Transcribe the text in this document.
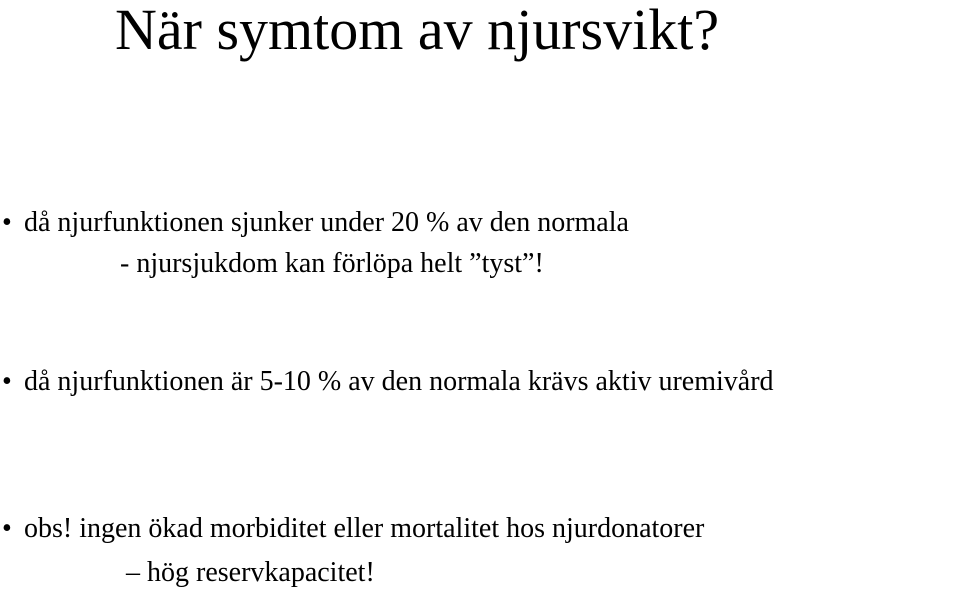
När symtom av njursvikt?
• då njurfunktionen sjunker under 20 % av den normala
- njursjukdom kan förlöpa helt ”tyst”!
• då njurfunktionen är 5-10 % av den normala krävs aktiv uremivård
• obs! ingen ökad morbiditet eller mortalitet hos njurdonatorer
– hög reservkapacitet!
